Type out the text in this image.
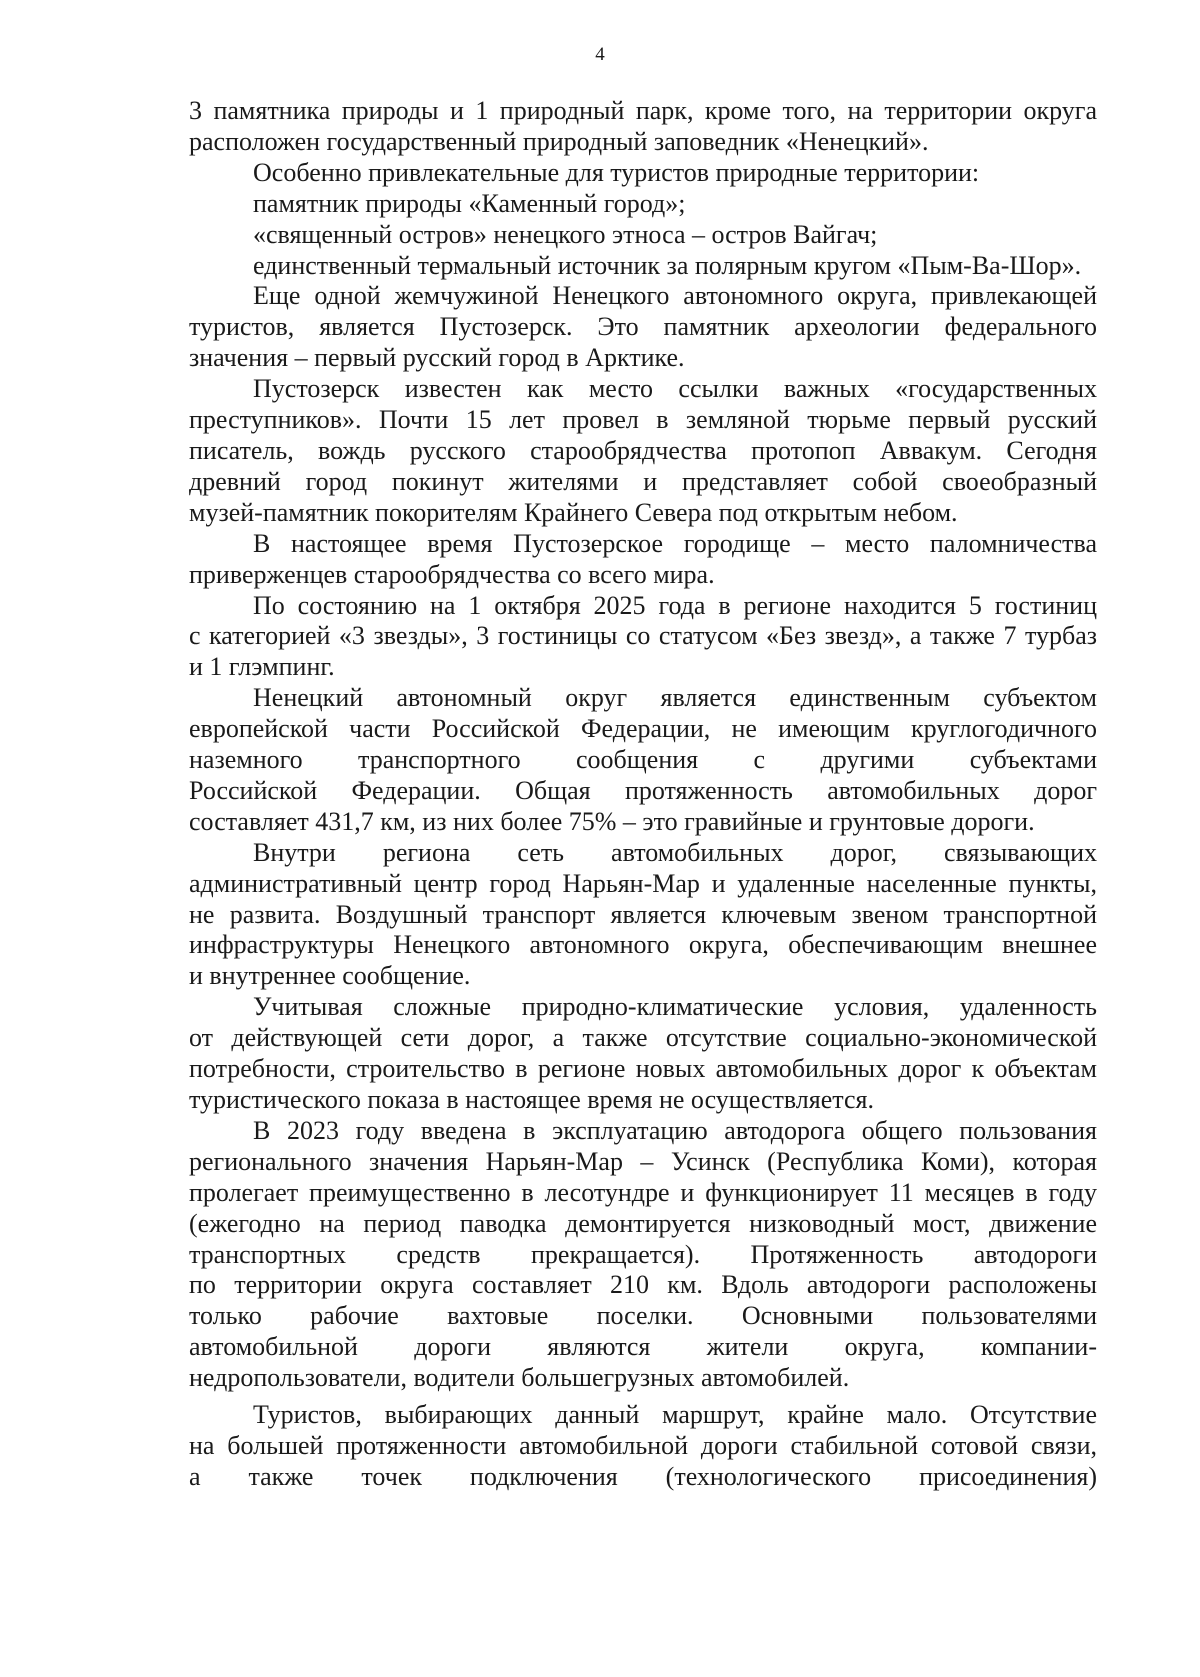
4
3 памятника природы и 1 природный парк, кроме того, на территории округа
расположен государственный природный заповедник «Ненецкий».
Особенно привлекательные для туристов природные территории:
памятник природы «Каменный город»;
«священный остров» ненецкого этноса – остров Вайгач;
единственный термальный источник за полярным кругом «Пым-Ва-Шор».
Еще одной жемчужиной Ненецкого автономного округа, привлекающей
туристов, является Пустозерск. Это памятник археологии федерального
значения – первый русский город в Арктике.
Пустозерск известен как место ссылки важных «государственных
преступников». Почти 15 лет провел в земляной тюрьме первый русский
писатель, вождь русского старообрядчества протопоп Аввакум. Сегодня
древний город покинут жителями и представляет собой своеобразный
музей-памятник покорителям Крайнего Севера под открытым небом.
В настоящее время Пустозерское городище – место паломничества
приверженцев старообрядчества со всего мира.
По состоянию на 1 октября 2025 года в регионе находится 5 гостиниц
с категорией «3 звезды», 3 гостиницы со статусом «Без звезд», а также 7 турбаз
и 1 глэмпинг.
Ненецкий автономный округ является единственным субъектом
европейской части Российской Федерации, не имеющим круглогодичного
наземного транспортного сообщения с другими субъектами
Российской Федерации. Общая протяженность автомобильных дорог
составляет 431,7 км, из них более 75% – это гравийные и грунтовые дороги.
Внутри региона сеть автомобильных дорог, связывающих
административный центр город Нарьян-Мар и удаленные населенные пункты,
не развита. Воздушный транспорт является ключевым звеном транспортной
инфраструктуры Ненецкого автономного округа, обеспечивающим внешнее
и внутреннее сообщение.
Учитывая сложные природно-климатические условия, удаленность
от действующей сети дорог, а также отсутствие социально-экономической
потребности, строительство в регионе новых автомобильных дорог к объектам
туристического показа в настоящее время не осуществляется.
В 2023 году введена в эксплуатацию автодорога общего пользования
регионального значения Нарьян-Мар – Усинск (Республика Коми), которая
пролегает преимущественно в лесотундре и функционирует 11 месяцев в году
(ежегодно на период паводка демонтируется низководный мост, движение
транспортных средств прекращается). Протяженность автодороги
по территории округа составляет 210 км. Вдоль автодороги расположены
только рабочие вахтовые поселки. Основными пользователями
автомобильной дороги являются жители округа, компании-
недропользователи, водители большегрузных автомобилей.
Туристов, выбирающих данный маршрут, крайне мало. Отсутствие
на большей протяженности автомобильной дороги стабильной сотовой связи,
а также точек подключения (технологического присоединения)
